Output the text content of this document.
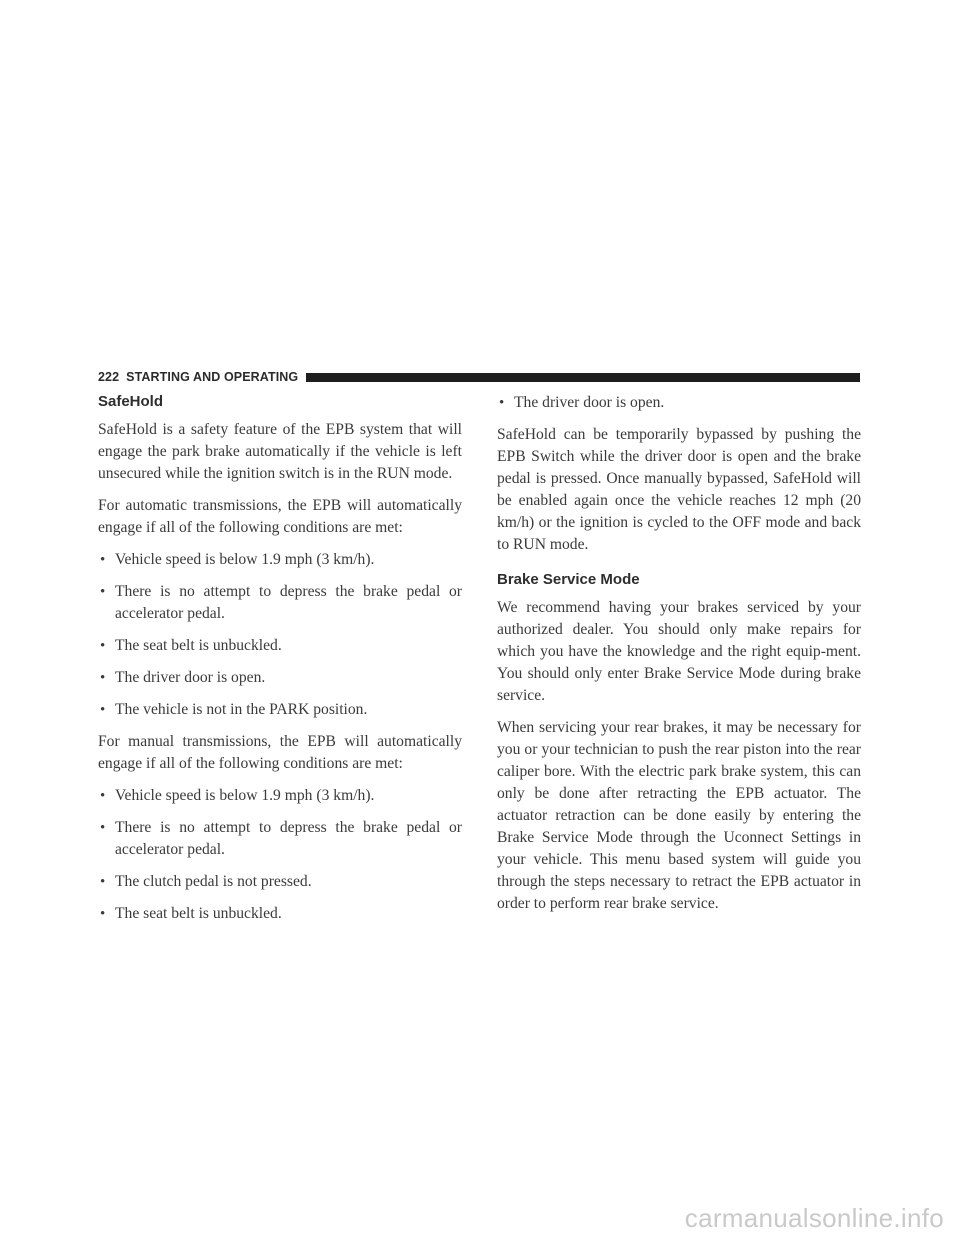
222 STARTING AND OPERATING
SafeHold

SafeHold is a safety feature of the EPB system that will engage the park brake automatically if the vehicle is left unsecured while the ignition switch is in the RUN mode.

For automatic transmissions, the EPB will automatically engage if all of the following conditions are met:

• Vehicle speed is below 1.9 mph (3 km/h).
• There is no attempt to depress the brake pedal or accelerator pedal.
• The seat belt is unbuckled.
• The driver door is open.
• The vehicle is not in the PARK position.

For manual transmissions, the EPB will automatically engage if all of the following conditions are met:

• Vehicle speed is below 1.9 mph (3 km/h).
• There is no attempt to depress the brake pedal or accelerator pedal.
• The clutch pedal is not pressed.
• The seat belt is unbuckled.
• The driver door is open.

SafeHold can be temporarily bypassed by pushing the EPB Switch while the driver door is open and the brake pedal is pressed. Once manually bypassed, SafeHold will be enabled again once the vehicle reaches 12 mph (20 km/h) or the ignition is cycled to the OFF mode and back to RUN mode.

Brake Service Mode

We recommend having your brakes serviced by your authorized dealer. You should only make repairs for which you have the knowledge and the right equip-ment. You should only enter Brake Service Mode during brake service.

When servicing your rear brakes, it may be necessary for you or your technician to push the rear piston into the rear caliper bore. With the electric park brake system, this can only be done after retracting the EPB actuator. The actuator retraction can be done easily by entering the Brake Service Mode through the Uconnect Settings in your vehicle. This menu based system will guide you through the steps necessary to retract the EPB actuator in order to perform rear brake service.

carmanualsonline.info
